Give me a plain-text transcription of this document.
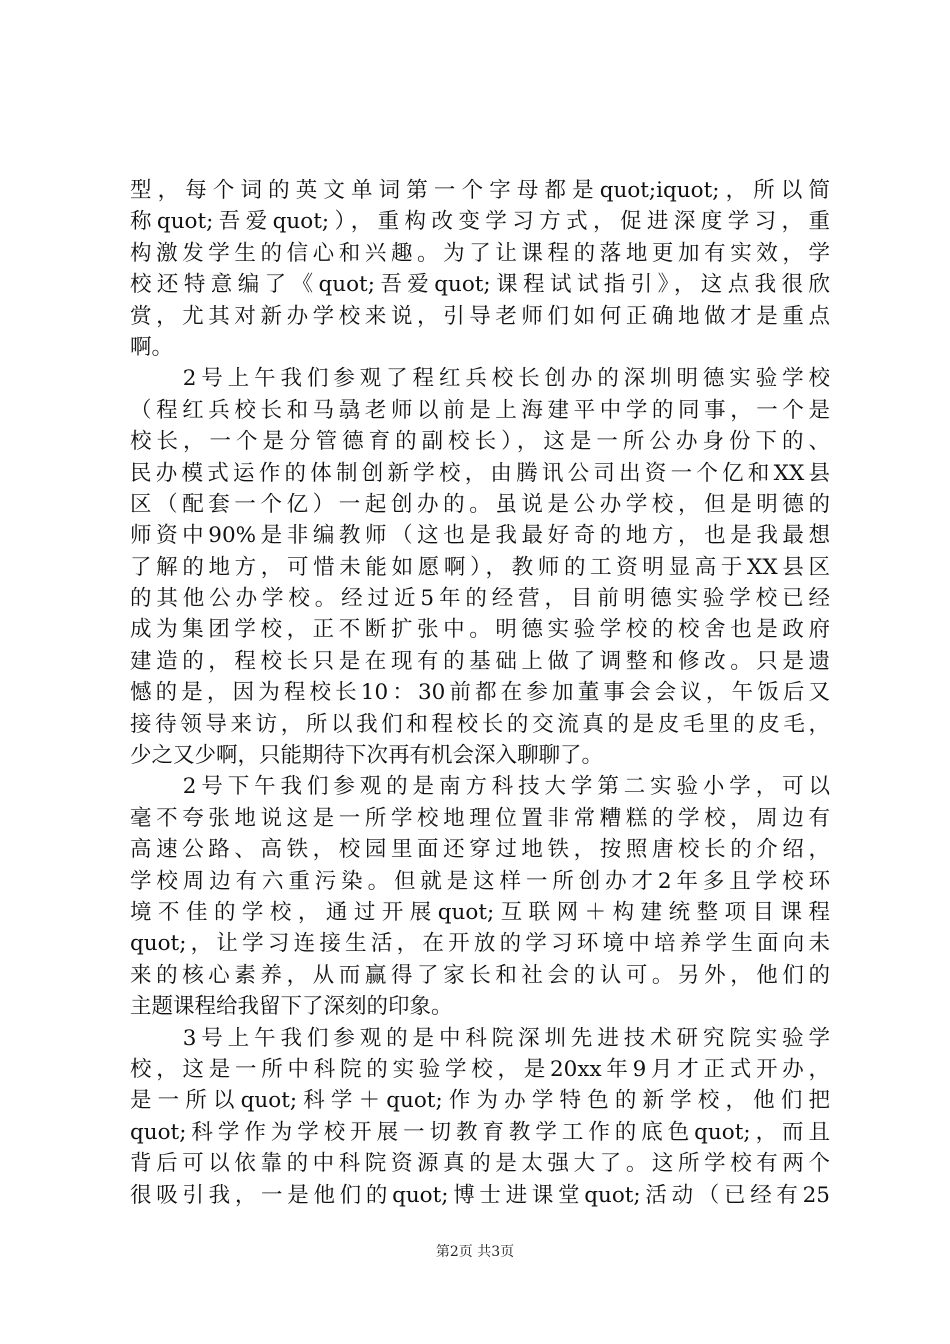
型，每个词的英文单词第一个字母都是quot;iquot;，所以简
称quot;吾爱quot;），重构改变学习方式，促进深度学习，重
构激发学生的信心和兴趣。为了让课程的落地更加有实效，学
校还特意编了《quot;吾爱quot;课程试试指引》，这点我很欣
赏，尤其对新办学校来说，引导老师们如何正确地做才是重点
啊。
　　2号上午我们参观了程红兵校长创办的深圳明德实验学校
（程红兵校长和马骉老师以前是上海建平中学的同事，一个是
校长，一个是分管德育的副校长），这是一所公办身份下的、
民办模式运作的体制创新学校，由腾讯公司出资一个亿和XX县
区（配套一个亿）一起创办的。虽说是公办学校，但是明德的
师资中90%是非编教师（这也是我最好奇的地方，也是我最想
了解的地方，可惜未能如愿啊），教师的工资明显高于XX县区
的其他公办学校。经过近5年的经营，目前明德实验学校已经
成为集团学校，正不断扩张中。明德实验学校的校舍也是政府
建造的，程校长只是在现有的基础上做了调整和修改。只是遗
憾的是，因为程校长10：30前都在参加董事会会议，午饭后又
接待领导来访，所以我们和程校长的交流真的是皮毛里的皮毛，
少之又少啊，只能期待下次再有机会深入聊聊了。
　　2号下午我们参观的是南方科技大学第二实验小学，可以
毫不夸张地说这是一所学校地理位置非常糟糕的学校，周边有
高速公路、高铁，校园里面还穿过地铁，按照唐校长的介绍，
学校周边有六重污染。但就是这样一所创办才2年多且学校环
境不佳的学校，通过开展quot;互联网＋构建统整项目课程
quot;，让学习连接生活，在开放的学习环境中培养学生面向未
来的核心素养，从而赢得了家长和社会的认可。另外，他们的
主题课程给我留下了深刻的印象。
　　3号上午我们参观的是中科院深圳先进技术研究院实验学
校，这是一所中科院的实验学校，是20xx年9月才正式开办，
是一所以quot;科学＋quot;作为办学特色的新学校，他们把
quot;科学作为学校开展一切教育教学工作的底色quot;，而且
背后可以依靠的中科院资源真的是太强大了。这所学校有两个
很吸引我，一是他们的quot;博士进课堂quot;活动（已经有25
第2页 共3页
